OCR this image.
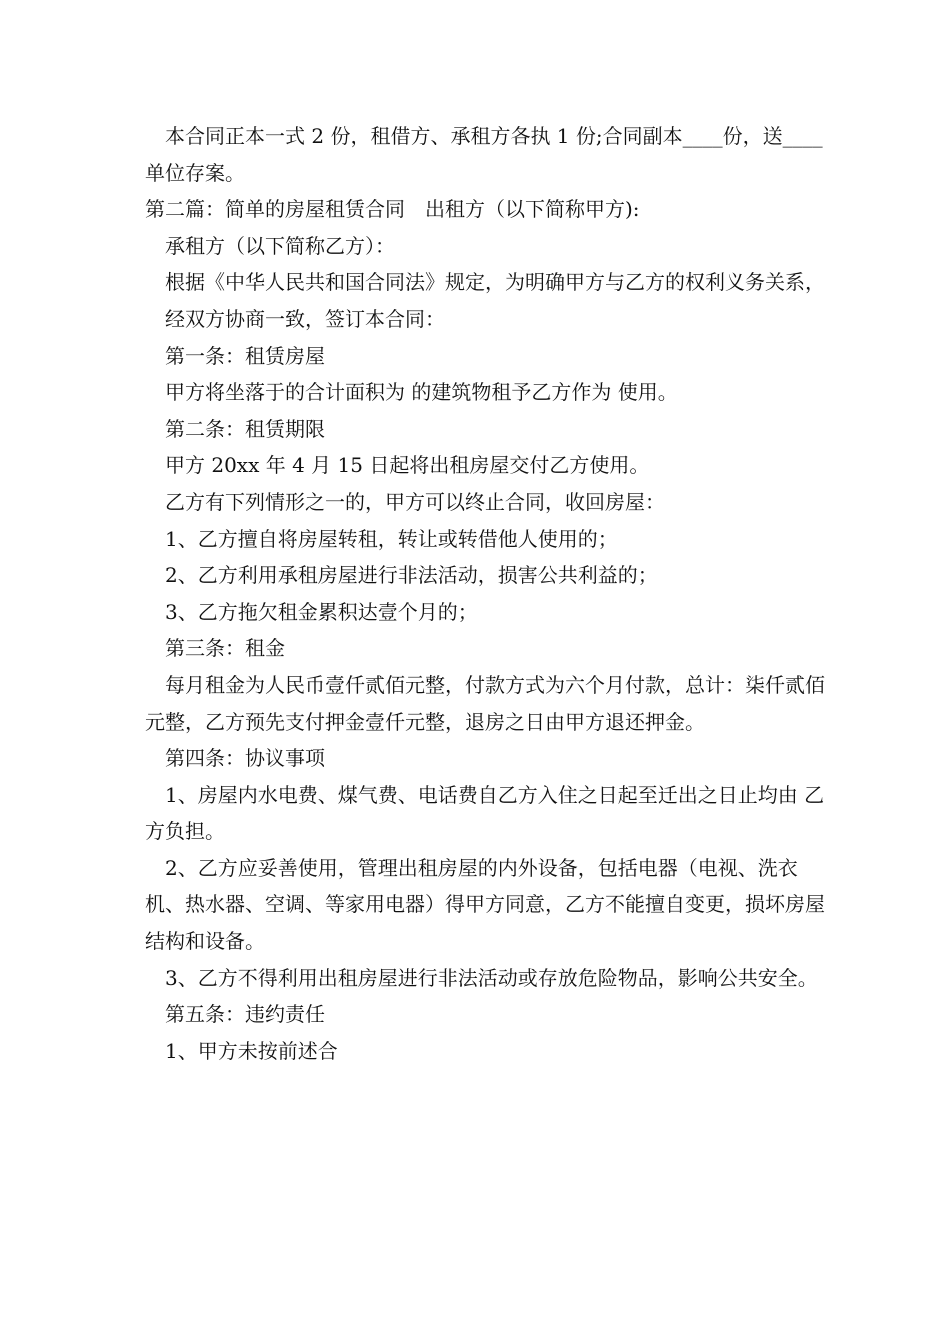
本合同正本一式 2 份，租借方、承租方各执 1 份;合同副本____份，送____单位存案。

第二篇：简单的房屋租赁合同　出租方（以下简称甲方):

承租方（以下简称乙方）：

根据《中华人民共和国合同法》规定，为明确甲方与乙方的权利义务关系，

经双方协商一致，签订本合同：

第一条：租赁房屋

甲方将坐落于的合计面积为 的建筑物租予乙方作为 使用。

第二条：租赁期限

甲方 20xx 年 4 月 15 日起将出租房屋交付乙方使用。

乙方有下列情形之一的，甲方可以终止合同，收回房屋：

1、乙方擅自将房屋转租，转让或转借他人使用的；

2、乙方利用承租房屋进行非法活动，损害公共利益的；

3、乙方拖欠租金累积达壹个月的；

第三条：租金

每月租金为人民币壹仟贰佰元整，付款方式为六个月付款，总计：柒仟贰佰元整，乙方预先支付押金壹仟元整，退房之日由甲方退还押金。

第四条：协议事项

1、房屋内水电费、煤气费、电话费自乙方入住之日起至迁出之日止均由 乙方负担。

2、乙方应妥善使用，管理出租房屋的内外设备，包括电器（电视、洗衣机、热水器、空调、等家用电器）得甲方同意，乙方不能擅自变更，损坏房屋结构和设备。

3、乙方不得利用出租房屋进行非法活动或存放危险物品，影响公共安全。

第五条：违约责任

1、甲方未按前述合
